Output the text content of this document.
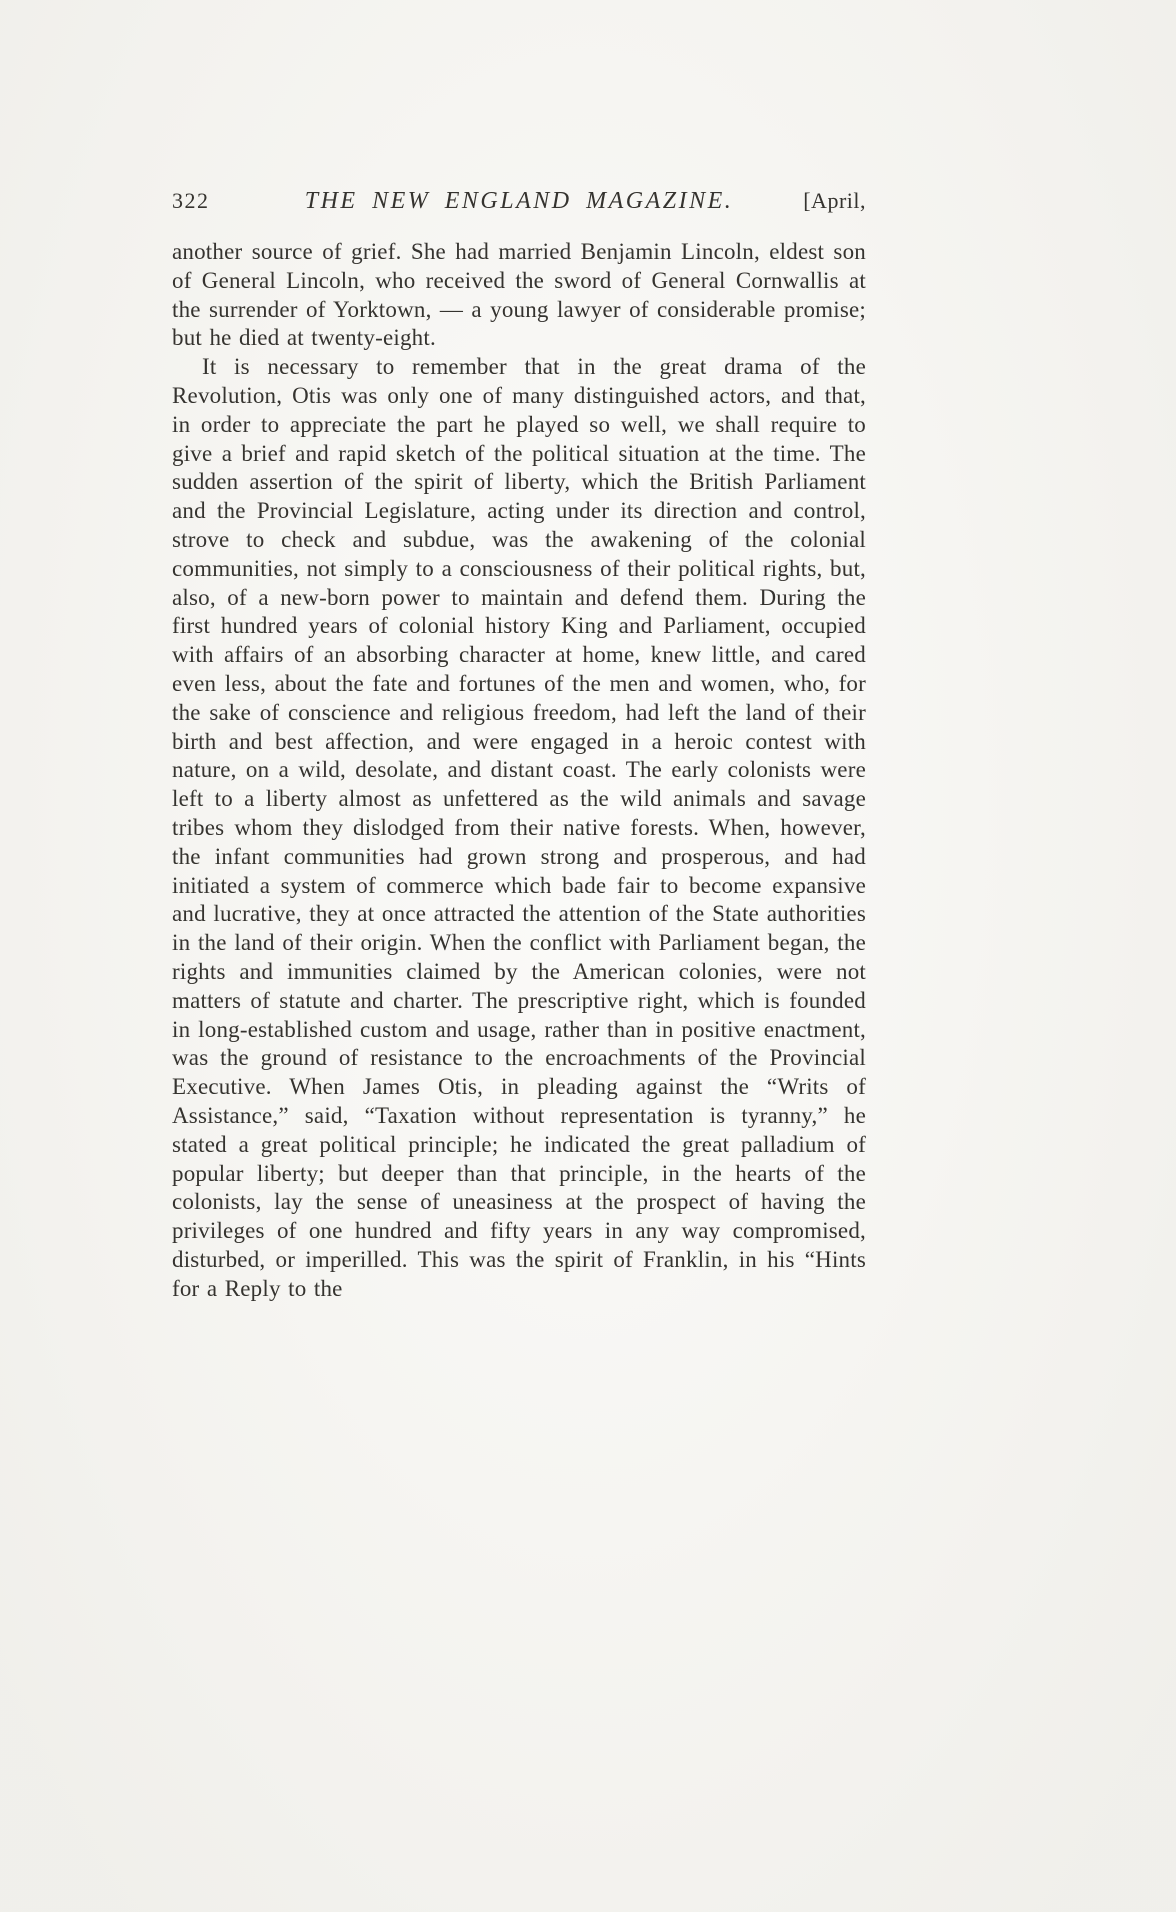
322	THE NEW ENGLAND MAGAZINE.	[April,

another source of grief. She had married Benjamin Lincoln, eldest son of General Lincoln, who received the sword of General Cornwallis at the surrender of Yorktown, — a young lawyer of considerable promise; but he died at twenty-eight.

It is necessary to remember that in the great drama of the Revolution, Otis was only one of many distinguished actors, and that, in order to appreciate the part he played so well, we shall require to give a brief and rapid sketch of the political situation at the time. The sudden assertion of the spirit of liberty, which the British Parliament and the Provincial Legislature, acting under its direction and control, strove to check and subdue, was the awakening of the colonial communities, not simply to a consciousness of their political rights, but, also, of a new-born power to maintain and defend them. During the first hundred years of colonial history King and Parliament, occupied with affairs of an absorbing character at home, knew little, and cared even less, about the fate and fortunes of the men and women, who, for the sake of conscience and religious freedom, had left the land of their birth and best affection, and were engaged in a heroic contest with nature, on a wild, desolate, and distant coast. The early colonists were left to a liberty almost as unfettered as the wild animals and savage tribes whom they dislodged from their native forests. When, however, the infant communities had grown strong and prosperous, and had initiated a system of commerce which bade fair to become expansive and lucrative, they at once attracted the attention of the State authorities in the land of their origin. When the conflict with Parliament began, the rights and immunities claimed by the American colonies, were not matters of statute and charter. The prescriptive right, which is founded in long-established custom and usage, rather than in positive enactment, was the ground of resistance to the encroachments of the Provincial Executive. When James Otis, in pleading against the “Writs of Assistance,” said, “Taxation without representation is tyranny,” he stated a great political principle; he indicated the great palladium of popular liberty; but deeper than that principle, in the hearts of the colonists, lay the sense of uneasiness at the prospect of having the privileges of one hundred and fifty years in any way compromised, disturbed, or imperilled. This was the spirit of Franklin, in his “Hints for a Reply to the
